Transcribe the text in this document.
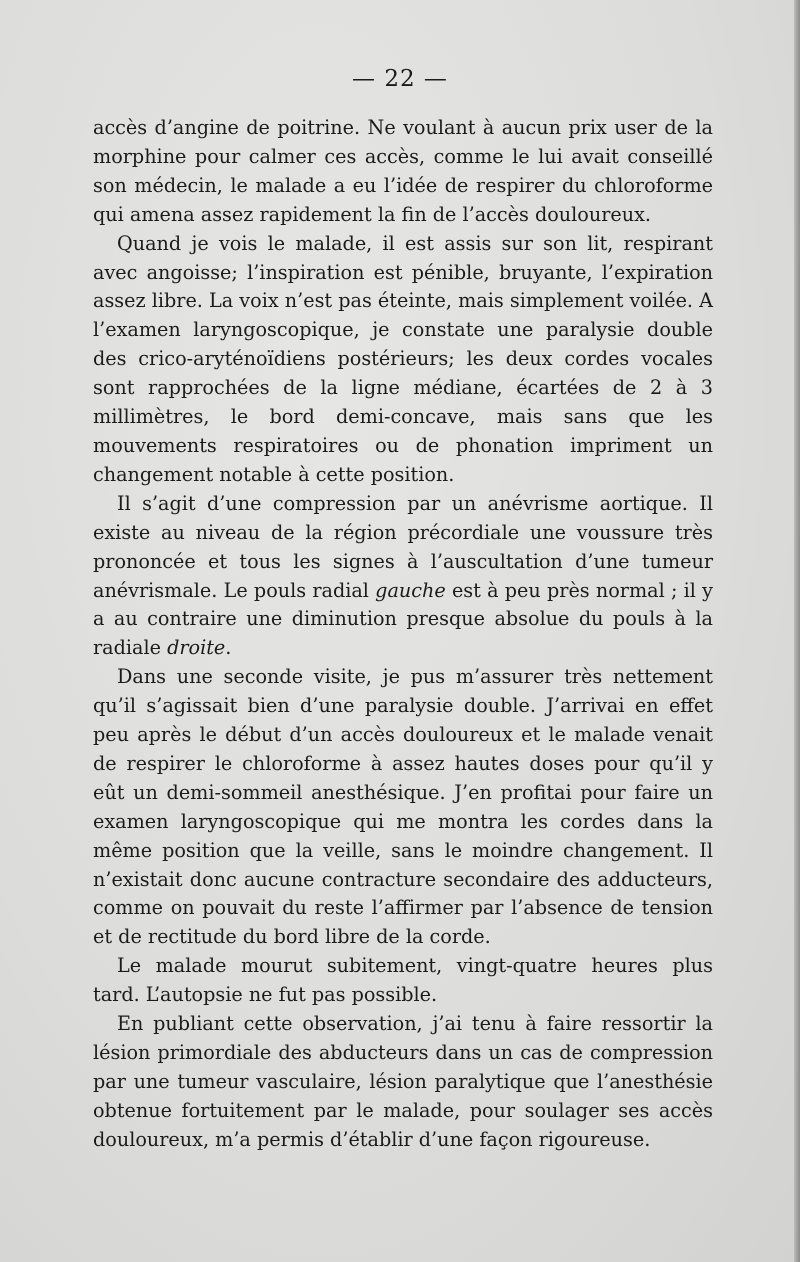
— 22 —

accès d’angine de poitrine. Ne voulant à aucun prix user de la morphine pour calmer ces accès, comme le lui avait conseillé son médecin, le malade a eu l’idée de respirer du chloroforme qui amena assez rapidement la fin de l’accès douloureux.

Quand je vois le malade, il est assis sur son lit, respirant avec angoisse; l’inspiration est pénible, bruyante, l’expiration assez libre. La voix n’est pas éteinte, mais simplement voilée. A l’examen laryngoscopique, je constate une paralysie double des crico-aryténoïdiens postérieurs; les deux cordes vocales sont rapprochées de la ligne médiane, écartées de 2 à 3 millimètres, le bord demi-concave, mais sans que les mouvements respiratoires ou de phonation impriment un changement notable à cette position.

Il s’agit d’une compression par un anévrisme aortique. Il existe au niveau de la région précordiale une voussure très prononcée et tous les signes à l’auscultation d’une tumeur anévrismale. Le pouls radial gauche est à peu près normal ; il y a au contraire une diminution presque absolue du pouls à la radiale droite.

Dans une seconde visite, je pus m’assurer très nettement qu’il s’agissait bien d’une paralysie double. J’arrivai en effet peu après le début d’un accès douloureux et le malade venait de respirer le chloroforme à assez hautes doses pour qu’il y eût un demi-sommeil anesthésique. J’en profitai pour faire un examen laryngoscopique qui me montra les cordes dans la même position que la veille, sans le moindre changement. Il n’existait donc aucune contracture secondaire des adducteurs, comme on pouvait du reste l’affirmer par l’absence de tension et de rectitude du bord libre de la corde.

Le malade mourut subitement, vingt-quatre heures plus tard. L’autopsie ne fut pas possible.

En publiant cette observation, j’ai tenu à faire ressortir la lésion primordiale des abducteurs dans un cas de compression par une tumeur vasculaire, lésion paralytique que l’anesthésie obtenue fortuitement par le malade, pour soulager ses accès douloureux, m’a permis d’établir d’une façon rigoureuse.
